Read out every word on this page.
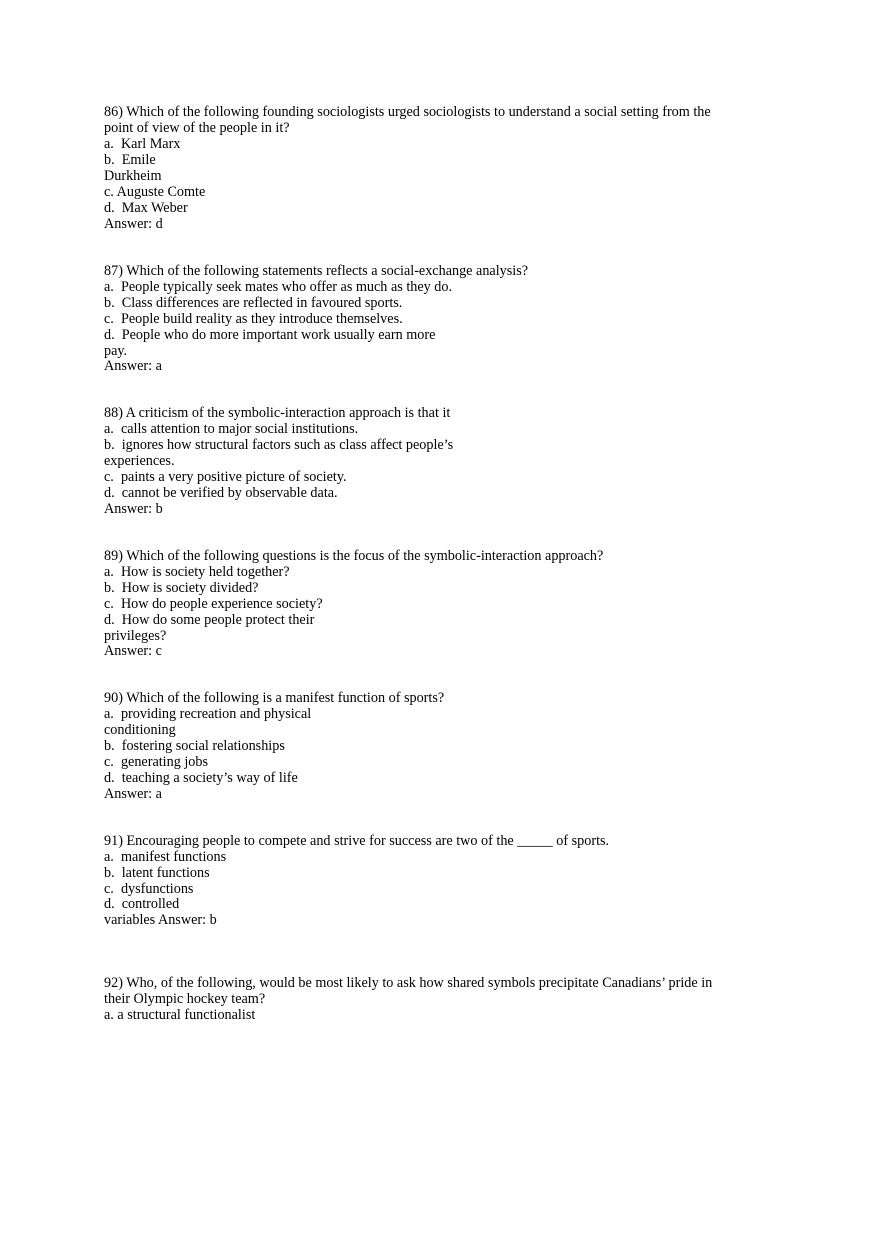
86) Which of the following founding sociologists urged sociologists to understand a social setting from the
point of view of the people in it?
a.  Karl Marx
b.  Emile
Durkheim
c. Auguste Comte
d.  Max Weber
Answer: d
87) Which of the following statements reflects a social-exchange analysis?
a.  People typically seek mates who offer as much as they do.
b.  Class differences are reflected in favoured sports.
c.  People build reality as they introduce themselves.
d.  People who do more important work usually earn more
pay.
Answer: a
88) A criticism of the symbolic-interaction approach is that it
a.  calls attention to major social institutions.
b.  ignores how structural factors such as class affect people’s
experiences.
c.  paints a very positive picture of society.
d.  cannot be verified by observable data.
Answer: b
89) Which of the following questions is the focus of the symbolic-interaction approach?
a.  How is society held together?
b.  How is society divided?
c.  How do people experience society?
d.  How do some people protect their
privileges?
Answer: c
90) Which of the following is a manifest function of sports?
a.  providing recreation and physical
conditioning
b.  fostering social relationships
c.  generating jobs
d.  teaching a society’s way of life
Answer: a
91) Encouraging people to compete and strive for success are two of the _____ of sports.
a.  manifest functions
b.  latent functions
c.  dysfunctions
d.  controlled
variables Answer: b
92) Who, of the following, would be most likely to ask how shared symbols precipitate Canadians’ pride in
their Olympic hockey team?
a. a structural functionalist
